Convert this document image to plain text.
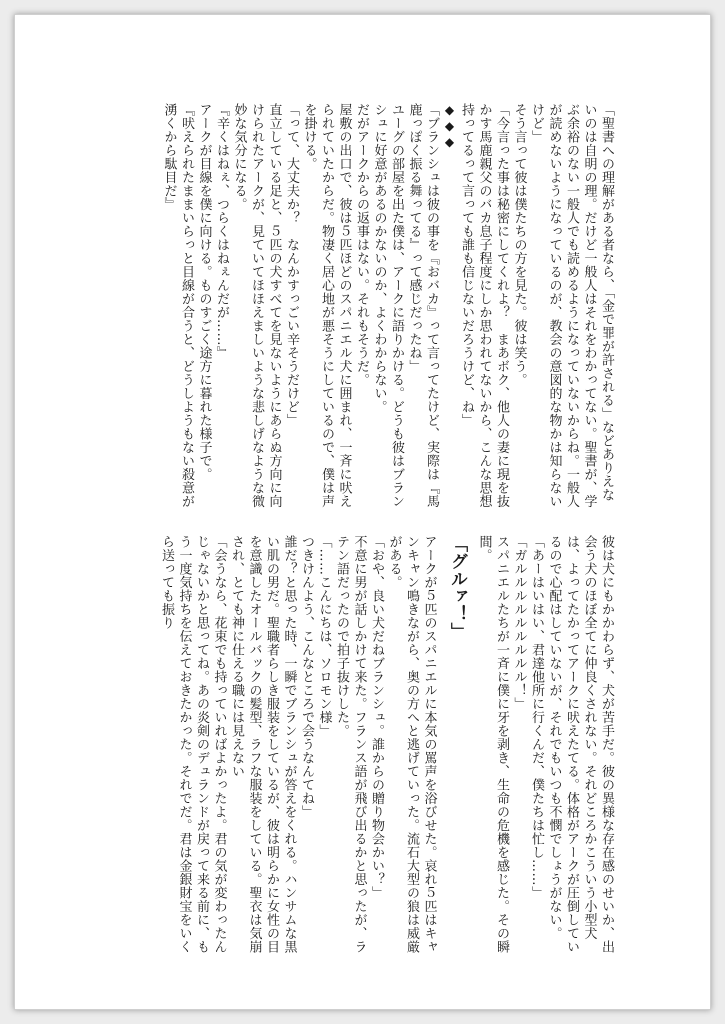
「聖書への理解がある者なら、「金で罪が許される」などありえないのは自明の理。だけど一般人はそれをわかってない。聖書が、学ぶ余裕のない一般人でも読めるようになっていないからね。一般人が読めないようになっているのが、教会の意図的な物かは知らないけど」

そう言って彼は僕たちの方を見た。彼は笑う。

「今言った事は秘密にしてくれよ？　まあボク、他人の妻に現を抜かす馬鹿親父のバカ息子程度にしか思われてないから、こんな思想持ってるって言っても誰も信じないだろうけど、ね」

◆◆◆

「ブランシュは彼の事を『おバカ』って言ってたけど、実際は『馬鹿っぽく振る舞ってる』って感じだったね」

ユーグの部屋を出た僕は、アークに語りかける。どうも彼はブランシュに好意があるのかないのか、よくわからない。

だがアークからの返事はない。それもそうだ。

屋敷の出口で、彼は５匹ほどのスパニエル犬に囲まれ、一斉に吠えられていたからだ。物凄く居心地が悪そうにしているので、僕は声を掛ける。

「って、大丈夫か？　なんかすっごい辛そうだけど」

直立している足と、５匹の犬すべてを見ないようにあらぬ方向に向けられたアークが、見ていてほほえましいような悲しげなような微妙な気分になる。

『辛くはねぇ、つらくはねぇんだが……』

アークが目線を僕に向ける。ものすごく途方に暮れた様子で。

『吠えられたままいらっと目線が合うと、どうしようもない殺意が湧くから駄目だ』

彼は犬にもかかわらず、犬が苦手だ。彼の異様な存在感のせいか、出会う犬のほぼ全てに仲良くされない。それどころかこういう小型犬は、よってたかってアークに吠えたてる。体格がアークが圧倒しているので心配はしていないが、それでもいつも不憫でしょうがない。

「あーはいはい、君達他所に行くんだ、僕たちは忙し……」

「ガルルルルルルルルル！」

スパニエルたちが一斉に僕に牙を剥き、生命の危機を感じた。その瞬間。

「グルァ！」

アークが５匹のスパニエルに本気の罵声を浴びせた。哀れ５匹はキャンキャン鳴きながら、奥の方へと逃げていった。流石大型の狼は威厳がある。

「おや、良い犬だねブランシュ。誰からの贈り物会かい？」

不意に男が話しかけて来た。フランス語が飛び出るかと思ったが、ラテン語だったので拍子抜けした。

「……こんにちは、ソロモン様」

つきけんよう、こんなところで会うなんてね」

誰だ？と思った時、一瞬でブランシュが答えをくれる。ハンサムな黒い肌の男だ。聖職者らしき服装をしているが、彼は明らかに女性の目を意識したオールバックの髪型、ラフな服装をしている。聖衣は気崩され、とても神に仕える職には見えない

「会うなら、花束でも持っていればよかったよ。君の気が変わったんじゃないかと思ってね。あの炎剣のデュランドが戻って来る前に、もう一度気持ちを伝えておきたかった。それでだ。君は金銀財宝をいくら送っても振り
